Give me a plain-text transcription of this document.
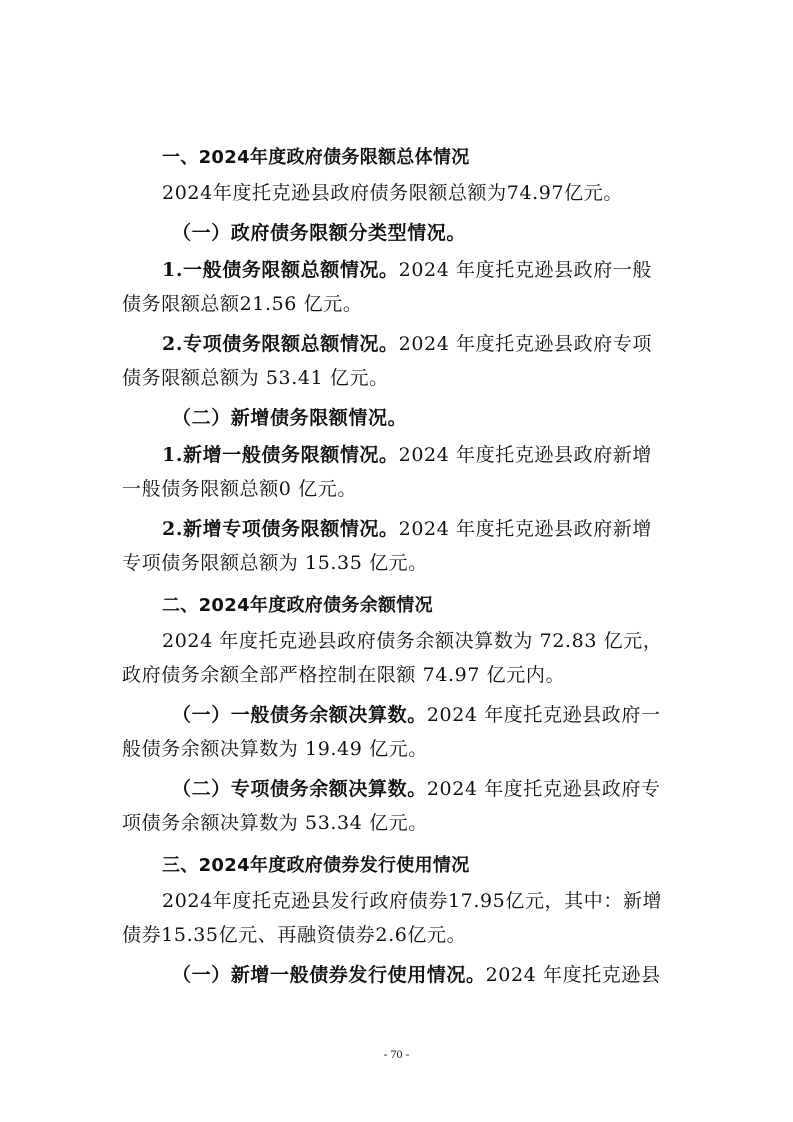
一、2024年度政府债务限额总体情况
2024年度托克逊县政府债务限额总额为74.97亿元。
（一）政府债务限额分类型情况。
1.一般债务限额总额情况。2024 年度托克逊县政府一般
债务限额总额21.56 亿元。
2.专项债务限额总额情况。2024 年度托克逊县政府专项
债务限额总额为 53.41 亿元。
（二）新增债务限额情况。
1.新增一般债务限额情况。2024 年度托克逊县政府新增
一般债务限额总额0 亿元。
2.新增专项债务限额情况。2024 年度托克逊县政府新增
专项债务限额总额为 15.35 亿元。
二、2024年度政府债务余额情况
2024 年度托克逊县政府债务余额决算数为 72.83 亿元，
政府债务余额全部严格控制在限额 74.97 亿元内。
（一）一般债务余额决算数。2024 年度托克逊县政府一
般债务余额决算数为 19.49 亿元。
（二）专项债务余额决算数。2024 年度托克逊县政府专
项债务余额决算数为 53.34 亿元。
三、2024年度政府债券发行使用情况
2024年度托克逊县发行政府债券17.95亿元，其中：新增
债券15.35亿元、再融资债券2.6亿元。
（一）新增一般债券发行使用情况。2024 年度托克逊县
- 70 -
